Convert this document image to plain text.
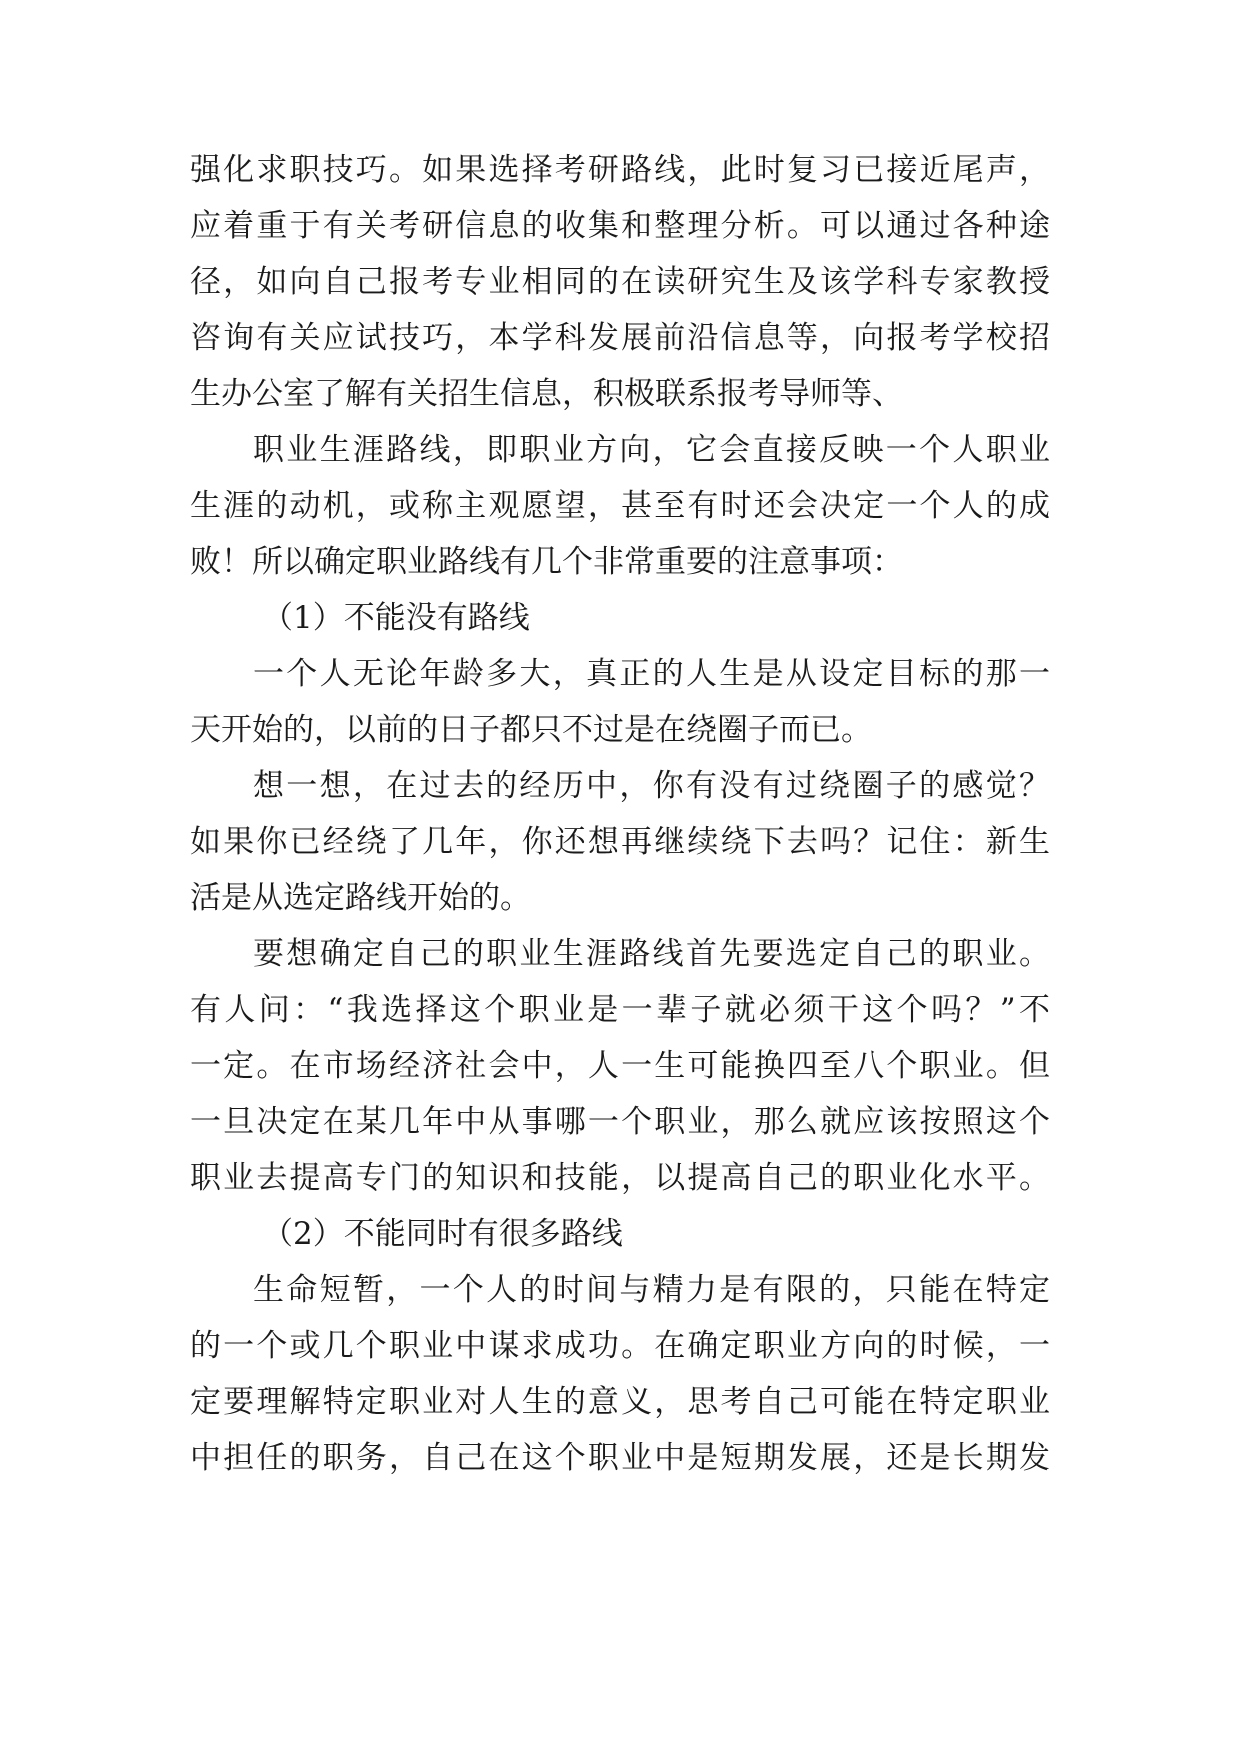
强化求职技巧。如果选择考研路线，此时复习已接近尾声，
应着重于有关考研信息的收集和整理分析。可以通过各种途
径，如向自己报考专业相同的在读研究生及该学科专家教授
咨询有关应试技巧，本学科发展前沿信息等，向报考学校招
生办公室了解有关招生信息，积极联系报考导师等、
职业生涯路线，即职业方向，它会直接反映一个人职业
生涯的动机，或称主观愿望，甚至有时还会决定一个人的成
败！所以确定职业路线有几个非常重要的注意事项：
（1）不能没有路线
一个人无论年龄多大，真正的人生是从设定目标的那一
天开始的，以前的日子都只不过是在绕圈子而已。
想一想，在过去的经历中，你有没有过绕圈子的感觉？
如果你已经绕了几年，你还想再继续绕下去吗？记住：新生
活是从选定路线开始的。
要想确定自己的职业生涯路线首先要选定自己的职业。
有人问：“我选择这个职业是一辈子就必须干这个吗？”不
一定。在市场经济社会中，人一生可能换四至八个职业。但
一旦决定在某几年中从事哪一个职业，那么就应该按照这个
职业去提高专门的知识和技能，以提高自己的职业化水平。
（2）不能同时有很多路线
生命短暂，一个人的时间与精力是有限的，只能在特定
的一个或几个职业中谋求成功。在确定职业方向的时候，一
定要理解特定职业对人生的意义，思考自己可能在特定职业
中担任的职务，自己在这个职业中是短期发展，还是长期发
